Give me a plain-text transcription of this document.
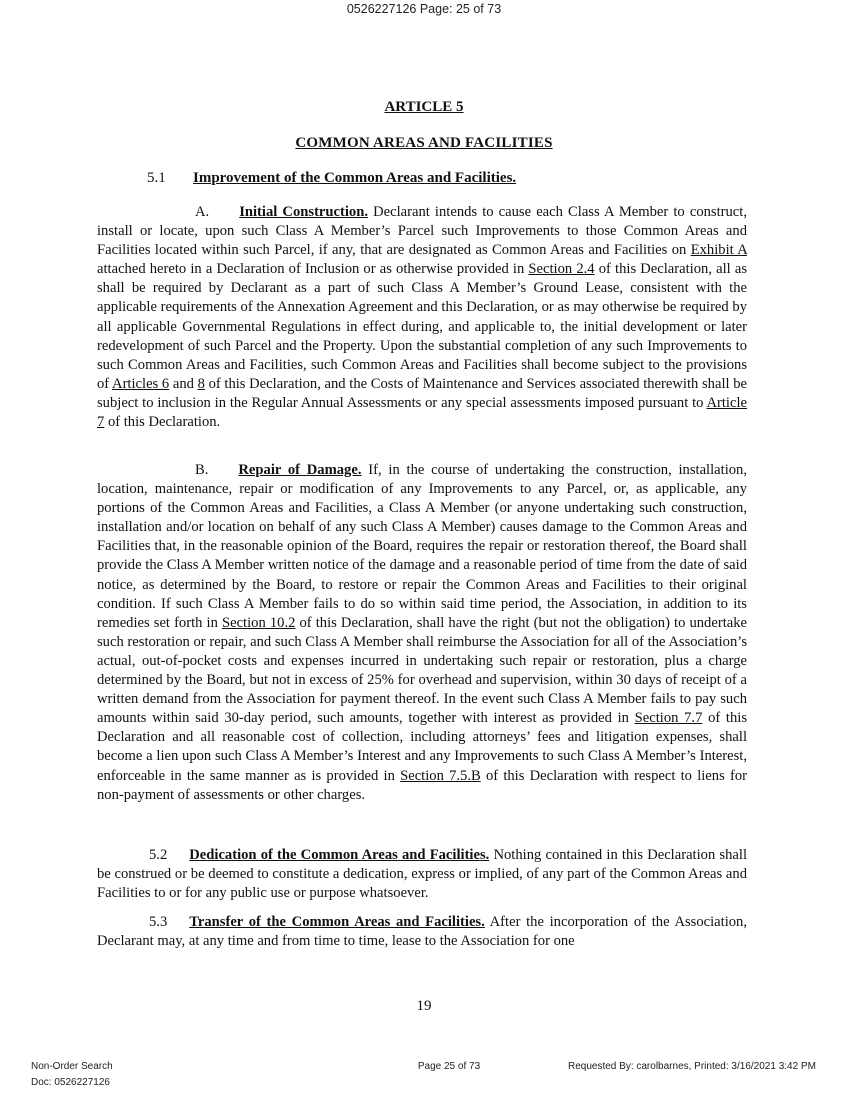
0526227126 Page: 25 of 73
ARTICLE 5
COMMON AREAS AND FACILITIES
5.1 Improvement of the Common Areas and Facilities.

A. Initial Construction. Declarant intends to cause each Class A Member to construct, install or locate, upon such Class A Member’s Parcel such Improvements to those Common Areas and Facilities located within such Parcel, if any, that are designated as Common Areas and Facilities on Exhibit A attached hereto in a Declaration of Inclusion or as otherwise provided in Section 2.4 of this Declaration, all as shall be required by Declarant as a part of such Class A Member’s Ground Lease, consistent with the applicable requirements of the Annexation Agreement and this Declaration, or as may otherwise be required by all applicable Governmental Regulations in effect during, and applicable to, the initial development or later redevelopment of such Parcel and the Property. Upon the substantial completion of any such Improvements to such Common Areas and Facilities, such Common Areas and Facilities shall become subject to the provisions of Articles 6 and 8 of this Declaration, and the Costs of Maintenance and Services associated therewith shall be subject to inclusion in the Regular Annual Assessments or any special assessments imposed pursuant to Article 7 of this Declaration.

B. Repair of Damage. If, in the course of undertaking the construction, installation, location, maintenance, repair or modification of any Improvements to any Parcel, or, as applicable, any portions of the Common Areas and Facilities, a Class A Member (or anyone undertaking such construction, installation and/or location on behalf of any such Class A Member) causes damage to the Common Areas and Facilities that, in the reasonable opinion of the Board, requires the repair or restoration thereof, the Board shall provide the Class A Member written notice of the damage and a reasonable period of time from the date of said notice, as determined by the Board, to restore or repair the Common Areas and Facilities to their original condition. If such Class A Member fails to do so within said time period, the Association, in addition to its remedies set forth in Section 10.2 of this Declaration, shall have the right (but not the obligation) to undertake such restoration or repair, and such Class A Member shall reimburse the Association for all of the Association’s actual, out-of-pocket costs and expenses incurred in undertaking such repair or restoration, plus a charge determined by the Board, but not in excess of 25% for overhead and supervision, within 30 days of receipt of a written demand from the Association for payment thereof. In the event such Class A Member fails to pay such amounts within said 30-day period, such amounts, together with interest as provided in Section 7.7 of this Declaration and all reasonable cost of collection, including attorneys’ fees and litigation expenses, shall become a lien upon such Class A Member’s Interest and any Improvements to such Class A Member’s Interest, enforceable in the same manner as is provided in Section 7.5.B of this Declaration with respect to liens for non-payment of assessments or other charges.

5.2 Dedication of the Common Areas and Facilities. Nothing contained in this Declaration shall be construed or be deemed to constitute a dedication, express or implied, of any part of the Common Areas and Facilities to or for any public use or purpose whatsoever.

5.3 Transfer of the Common Areas and Facilities. After the incorporation of the Association, Declarant may, at any time and from time to time, lease to the Association for one

19
Non-Order Search
Doc: 0526227126
Page 25 of 73	Requested By: carolbarnes, Printed: 3/16/2021 3:42 PM
